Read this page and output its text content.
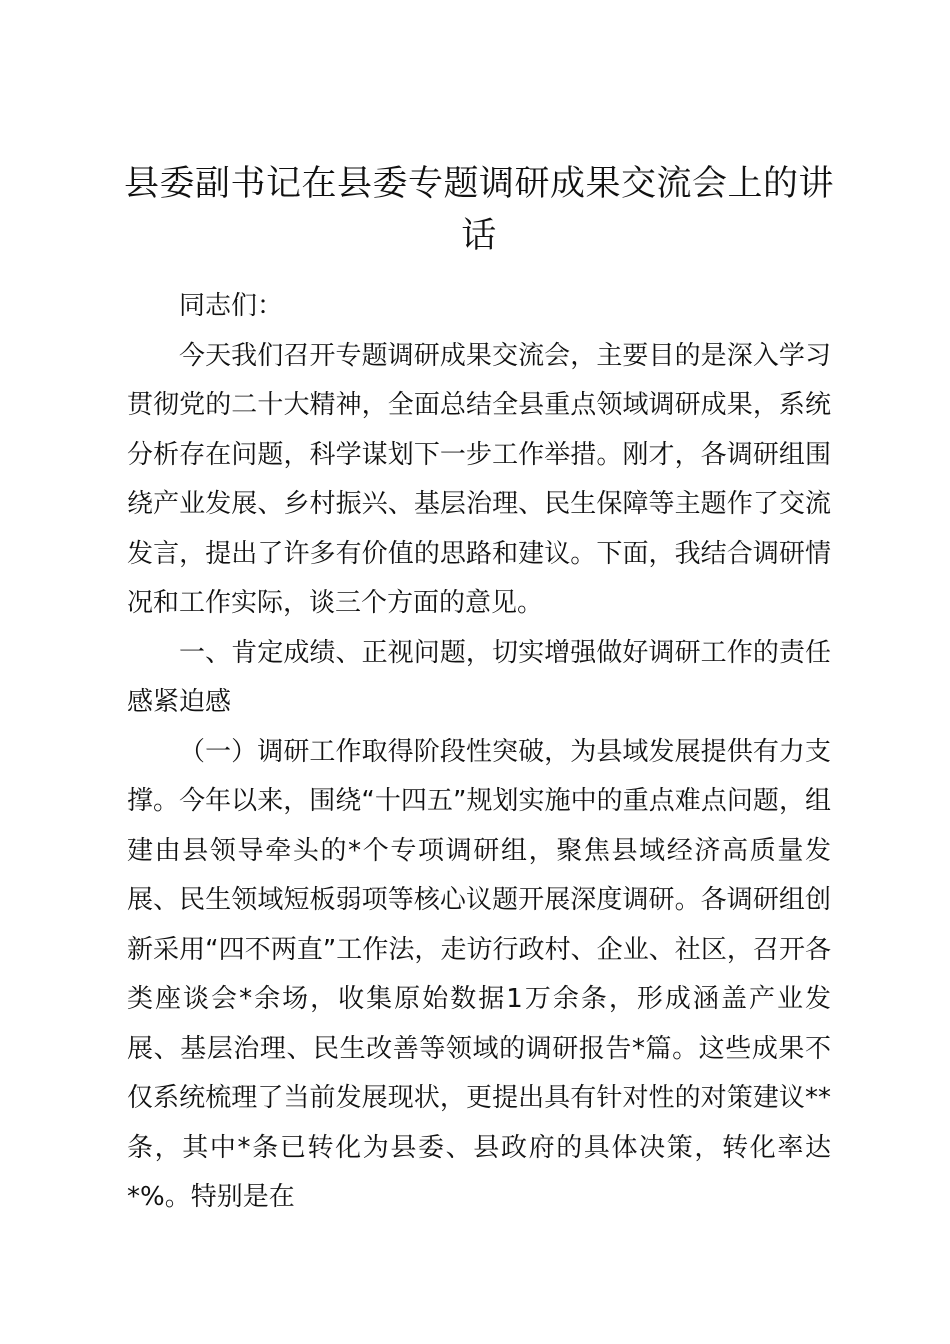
县委副书记在县委专题调研成果交流会上的讲话

同志们：

今天我们召开专题调研成果交流会，主要目的是深入学习贯彻党的二十大精神，全面总结全县重点领域调研成果，系统分析存在问题，科学谋划下一步工作举措。刚才，各调研组围绕产业发展、乡村振兴、基层治理、民生保障等主题作了交流发言，提出了许多有价值的思路和建议。下面，我结合调研情况和工作实际，谈三个方面的意见。

一、肯定成绩、正视问题，切实增强做好调研工作的责任感紧迫感

（一）调研工作取得阶段性突破，为县域发展提供有力支撑。今年以来，围绕“十四五”规划实施中的重点难点问题，组建由县领导牵头的*个专项调研组，聚焦县域经济高质量发展、民生领域短板弱项等核心议题开展深度调研。各调研组创新采用“四不两直”工作法，走访行政村、企业、社区，召开各类座谈会*余场，收集原始数据1万余条，形成涵盖产业发展、基层治理、民生改善等领域的调研报告*篇。这些成果不仅系统梳理了当前发展现状，更提出具有针对性的对策建议**条，其中*条已转化为县委、县政府的具体决策，转化率达*%。特别是在
